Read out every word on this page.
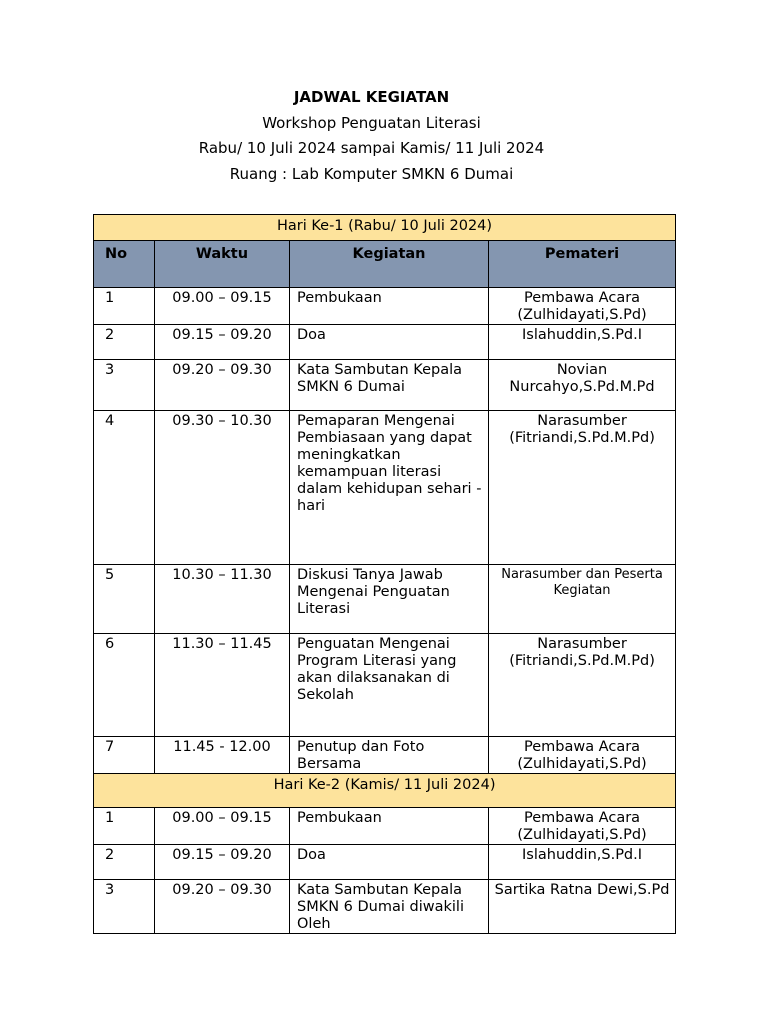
JADWAL KEGIATAN
Workshop Penguatan Literasi
Rabu/ 10 Juli 2024 sampai Kamis/ 11 Juli 2024
Ruang : Lab Komputer SMKN 6 Dumai
Hari Ke-1 (Rabu/ 10 Juli 2024)			
No	Waktu	Kegiatan	Pemateri
1	09.00 – 09.15	Pembukaan	Pembawa Acara (Zulhidayati,S.Pd)
2	09.15 – 09.20	Doa	Islahuddin,S.Pd.I
3	09.20 – 09.30	Kata Sambutan Kepala SMKN 6 Dumai	Novian Nurcahyo,S.Pd.M.Pd
4	09.30 – 10.30	Pemaparan Mengenai Pembiasaan yang dapat meningkatkan kemampuan literasi dalam kehidupan sehari -hari	Narasumber (Fitriandi,S.Pd.M.Pd)
5	10.30 – 11.30	Diskusi Tanya Jawab Mengenai Penguatan Literasi	Narasumber dan Peserta Kegiatan
6	11.30 – 11.45	Penguatan Mengenai Program Literasi yang akan dilaksanakan di Sekolah	Narasumber (Fitriandi,S.Pd.M.Pd)
7	11.45 - 12.00	Penutup dan Foto Bersama	Pembawa Acara (Zulhidayati,S.Pd)
Hari Ke-2 (Kamis/ 11 Juli 2024)			
1	09.00 – 09.15	Pembukaan	Pembawa Acara (Zulhidayati,S.Pd)
2	09.15 – 09.20	Doa	Islahuddin,S.Pd.I
3	09.20 – 09.30	Kata Sambutan Kepala SMKN 6 Dumai diwakili Oleh	Sartika Ratna Dewi,S.Pd
